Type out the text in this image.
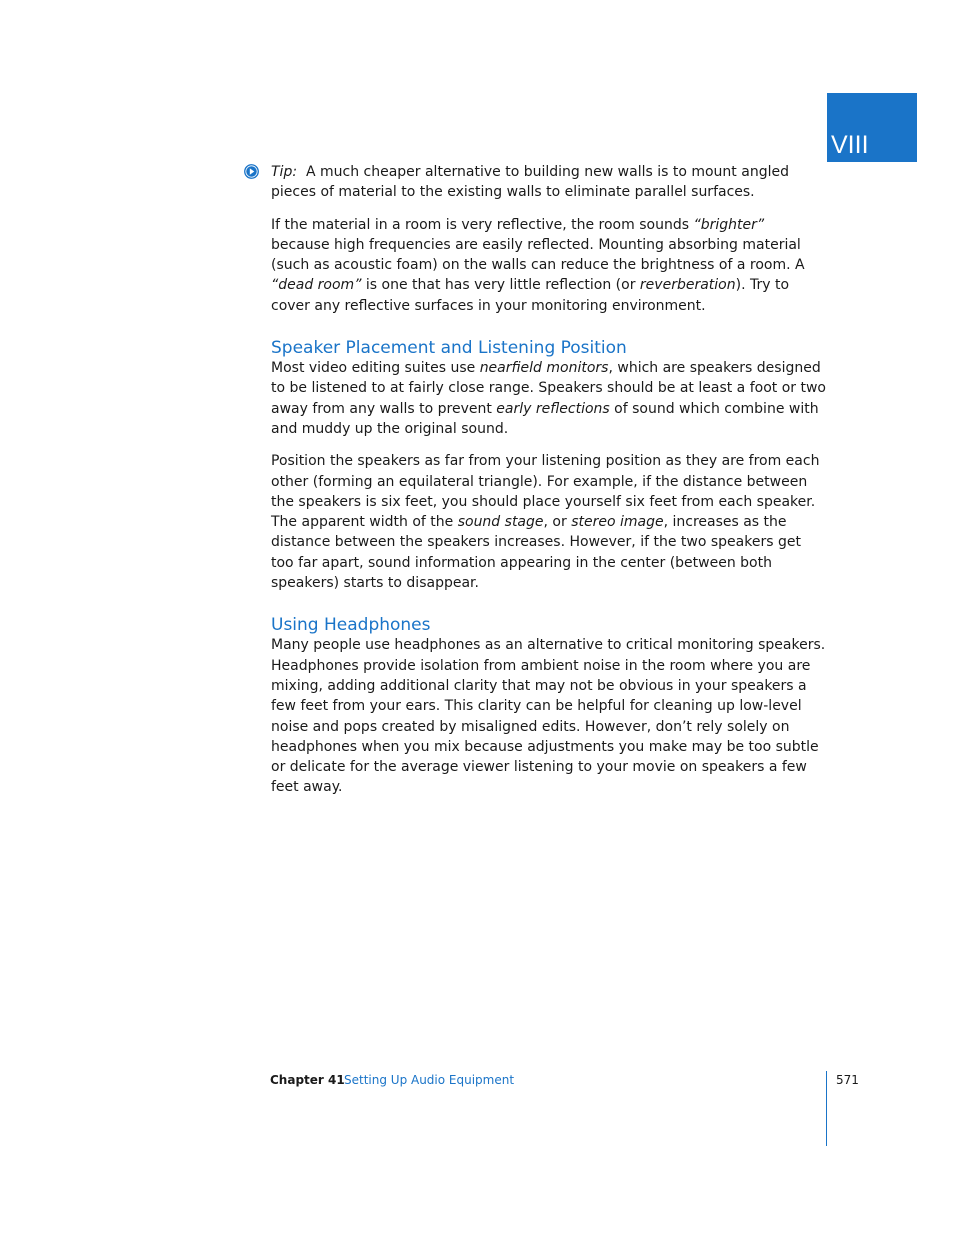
VIII

Tip: A much cheaper alternative to building new walls is to mount angled pieces of material to the existing walls to eliminate parallel surfaces.

If the material in a room is very reflective, the room sounds “brighter” because high frequencies are easily reflected. Mounting absorbing material (such as acoustic foam) on the walls can reduce the brightness of a room. A “dead room” is one that has very little reflection (or reverberation). Try to cover any reflective surfaces in your monitoring environment.

Speaker Placement and Listening Position

Most video editing suites use nearfield monitors, which are speakers designed to be listened to at fairly close range. Speakers should be at least a foot or two away from any walls to prevent early reflections of sound which combine with and muddy up the original sound.

Position the speakers as far from your listening position as they are from each other (forming an equilateral triangle). For example, if the distance between the speakers is six feet, you should place yourself six feet from each speaker. The apparent width of the sound stage, or stereo image, increases as the distance between the speakers increases. However, if the two speakers get too far apart, sound information appearing in the center (between both speakers) starts to disappear.

Using Headphones

Many people use headphones as an alternative to critical monitoring speakers. Headphones provide isolation from ambient noise in the room where you are mixing, adding additional clarity that may not be obvious in your speakers a few feet from your ears. This clarity can be helpful for cleaning up low-level noise and pops created by misaligned edits. However, don’t rely solely on headphones when you mix because adjustments you make may be too subtle or delicate for the average viewer listening to your movie on speakers a few feet away.

Chapter 41 Setting Up Audio Equipment	571
